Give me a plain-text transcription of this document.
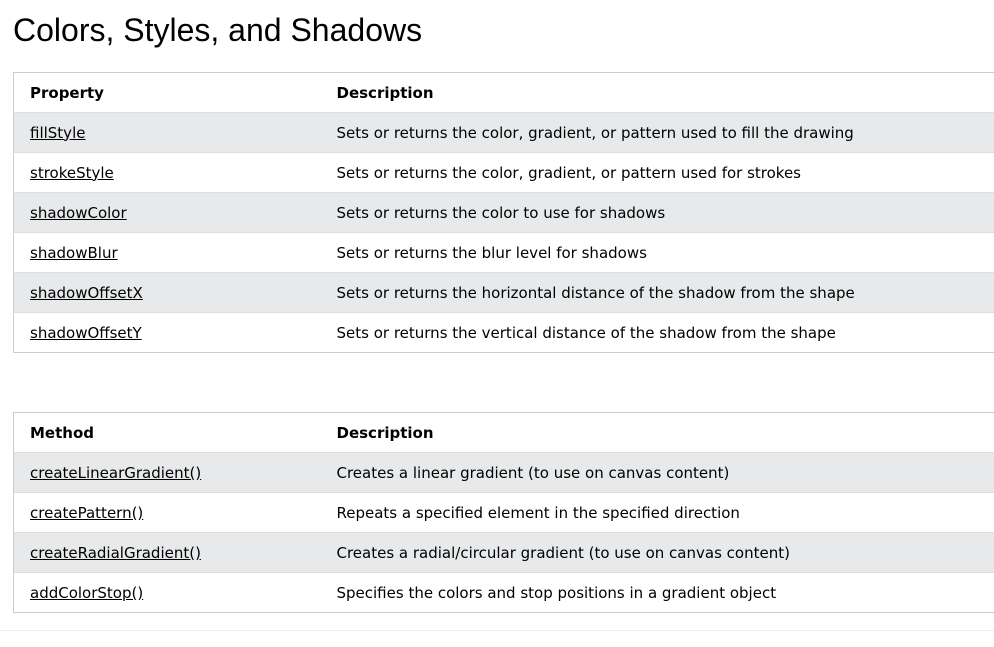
Colors, Styles, and Shadows
Property	Description
fillStyle	Sets or returns the color, gradient, or pattern used to fill the drawing
strokeStyle	Sets or returns the color, gradient, or pattern used for strokes
shadowColor	Sets or returns the color to use for shadows
shadowBlur	Sets or returns the blur level for shadows
shadowOffsetX	Sets or returns the horizontal distance of the shadow from the shape
shadowOffsetY	Sets or returns the vertical distance of the shadow from the shape
Method	Description
createLinearGradient()	Creates a linear gradient (to use on canvas content)
createPattern()	Repeats a specified element in the specified direction
createRadialGradient()	Creates a radial/circular gradient (to use on canvas content)
addColorStop()	Specifies the colors and stop positions in a gradient object
